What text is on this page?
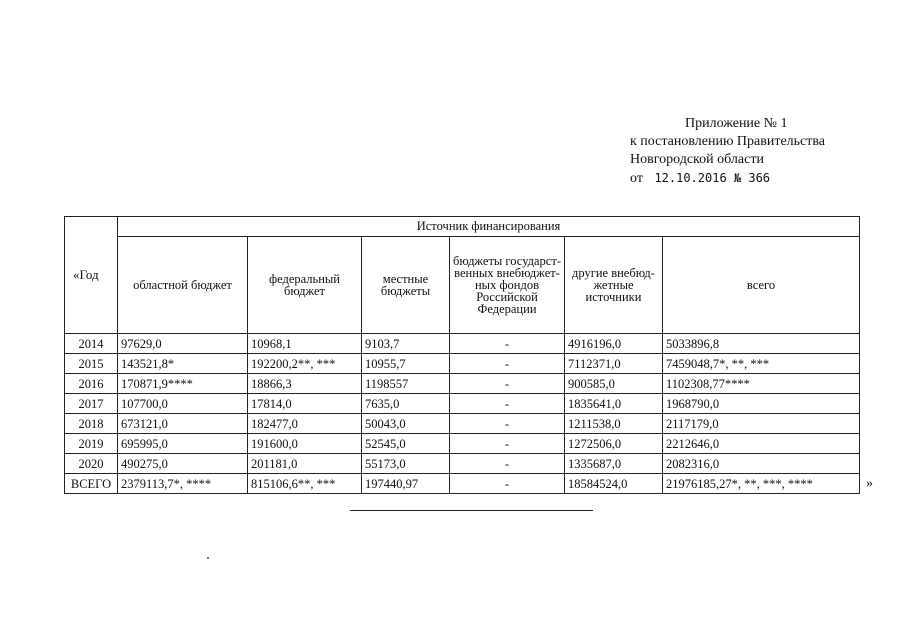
Приложение № 1
к постановлению Правительства
Новгородской области
от 12.10.2016 № 366
«Год	Источник финансирования					
	областной бюджет	федеральный бюджет	местные бюджеты	бюджеты государст-венных внебюджет-ных фондов Российской Федерации	другие внебюд-жетные источники	всего
2014	97629,0	10968,1	9103,7	-	4916196,0	5033896,8
2015	143521,8*	192200,2**, ***	10955,7	-	7112371,0	7459048,7*, **, ***
2016	170871,9****	18866,3	1198557	-	900585,0	1102308,77****
2017	107700,0	17814,0	7635,0	-	1835641,0	1968790,0
2018	673121,0	182477,0	50043,0	-	1211538,0	2117179,0
2019	695995,0	191600,0	52545,0	-	1272506,0	2212646,0
2020	490275,0	201181,0	55173,0	-	1335687,0	2082316,0
ВСЕГО	2379113,7*, ****	815106,6**, ***	197440,97	-	18584524,0	21976185,27*, **, ***, ****	»
